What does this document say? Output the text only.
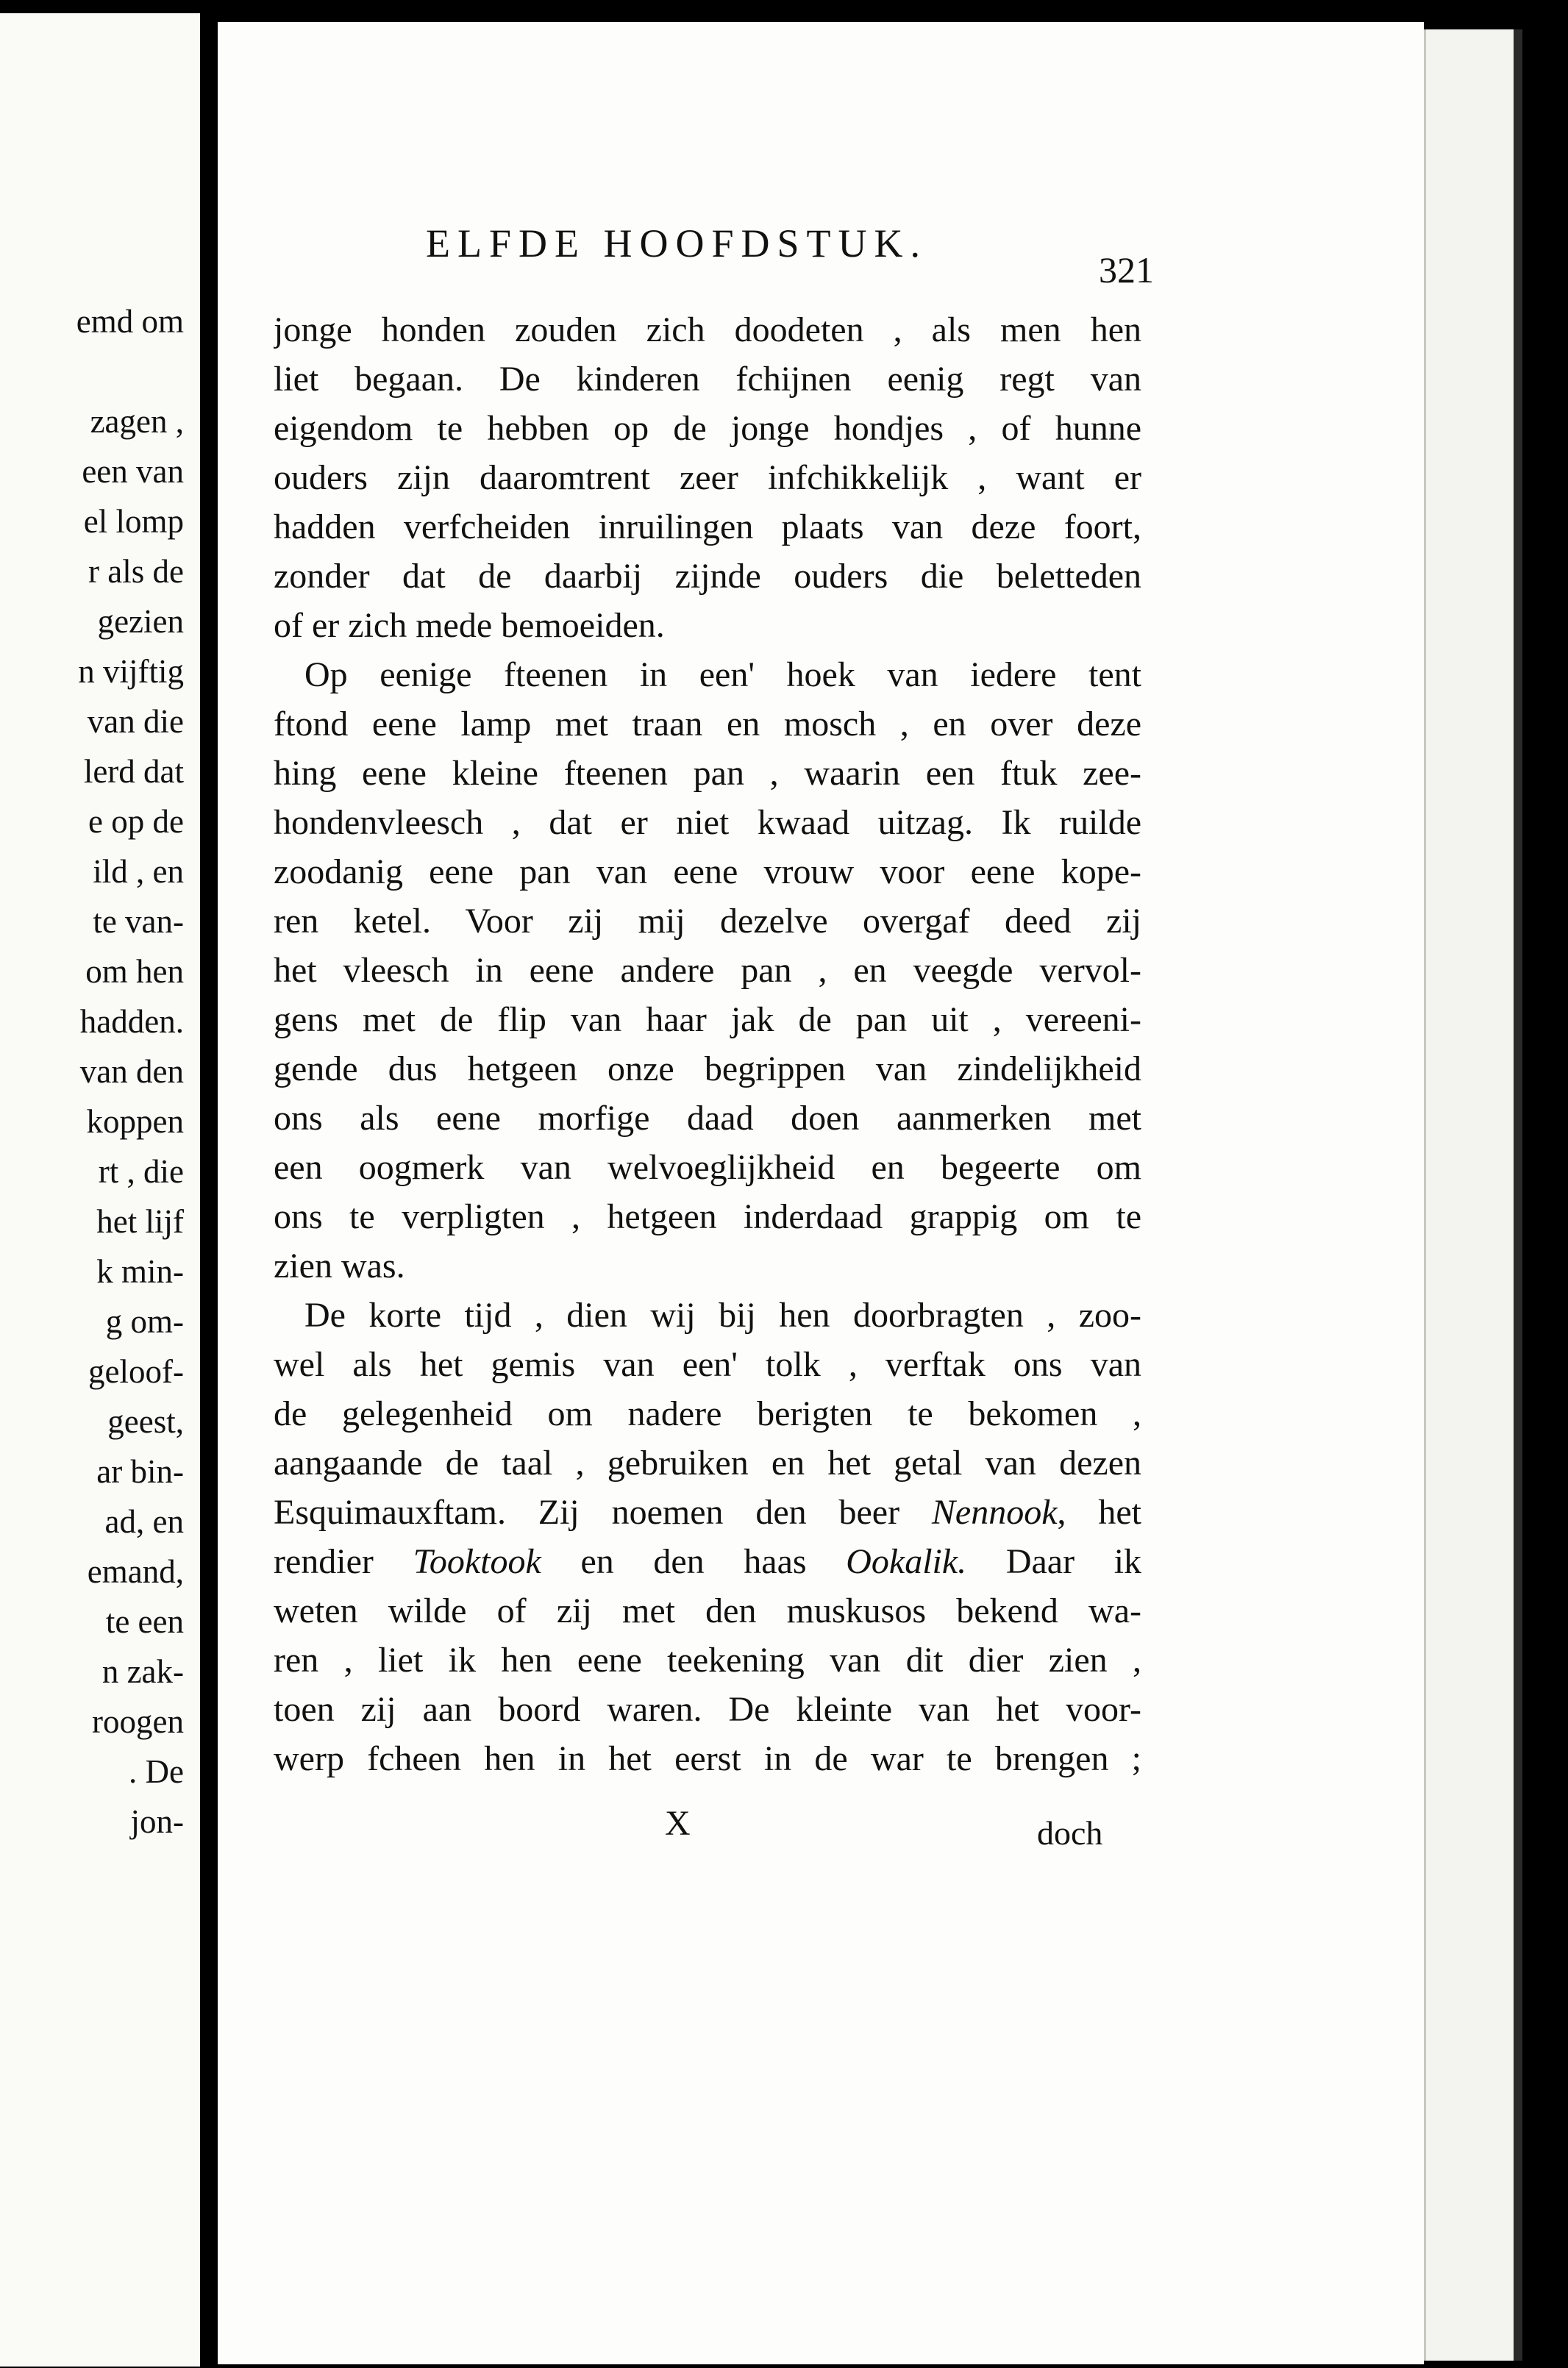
emd om
zagen ,
een van
el lomp
r als de
gezien
n vijftig
van die
lerd dat
e op de
ild , en
te van-
om hen
hadden.
van den
koppen
rt , die
het lijf
k min-
g om-
geloof-
geest,
ar bin-
ad, en
emand,
te een
n zak-
roogen
. De
jon-
ELFDE HOOFDSTUK.
321
jonge honden zouden zich doodeten , als men hen
liet begaan. De kinderen fchijnen eenig regt van
eigendom te hebben op de jonge hondjes , of hunne
ouders zijn daaromtrent zeer infchikkelijk , want er
hadden verfcheiden inruilingen plaats van deze foort,
zonder dat de daarbij zijnde ouders die beletteden
of er zich mede bemoeiden.
Op eenige fteenen in een' hoek van iedere tent
ftond eene lamp met traan en mosch , en over deze
hing eene kleine fteenen pan , waarin een ftuk zee-
hondenvleesch , dat er niet kwaad uitzag. Ik ruilde
zoodanig eene pan van eene vrouw voor eene kope-
ren ketel. Voor zij mij dezelve overgaf deed zij
het vleesch in eene andere pan , en veegde vervol-
gens met de flip van haar jak de pan uit , vereeni-
gende dus hetgeen onze begrippen van zindelijkheid
ons als eene morfige daad doen aanmerken met
een oogmerk van welvoeglijkheid en begeerte om
ons te verpligten , hetgeen inderdaad grappig om te
zien was.
De korte tijd , dien wij bij hen doorbragten , zoo-
wel als het gemis van een' tolk , verftak ons van
de gelegenheid om nadere berigten te bekomen ,
aangaande de taal , gebruiken en het getal van dezen
Esquimauxftam. Zij noemen den beer Nennook, het
rendier Tooktook en den haas Ookalik. Daar ik
weten wilde of zij met den muskusos bekend wa-
ren , liet ik hen eene teekening van dit dier zien ,
toen zij aan boord waren. De kleinte van het voor-
werp fcheen hen in het eerst in de war te brengen ;
X	doch
